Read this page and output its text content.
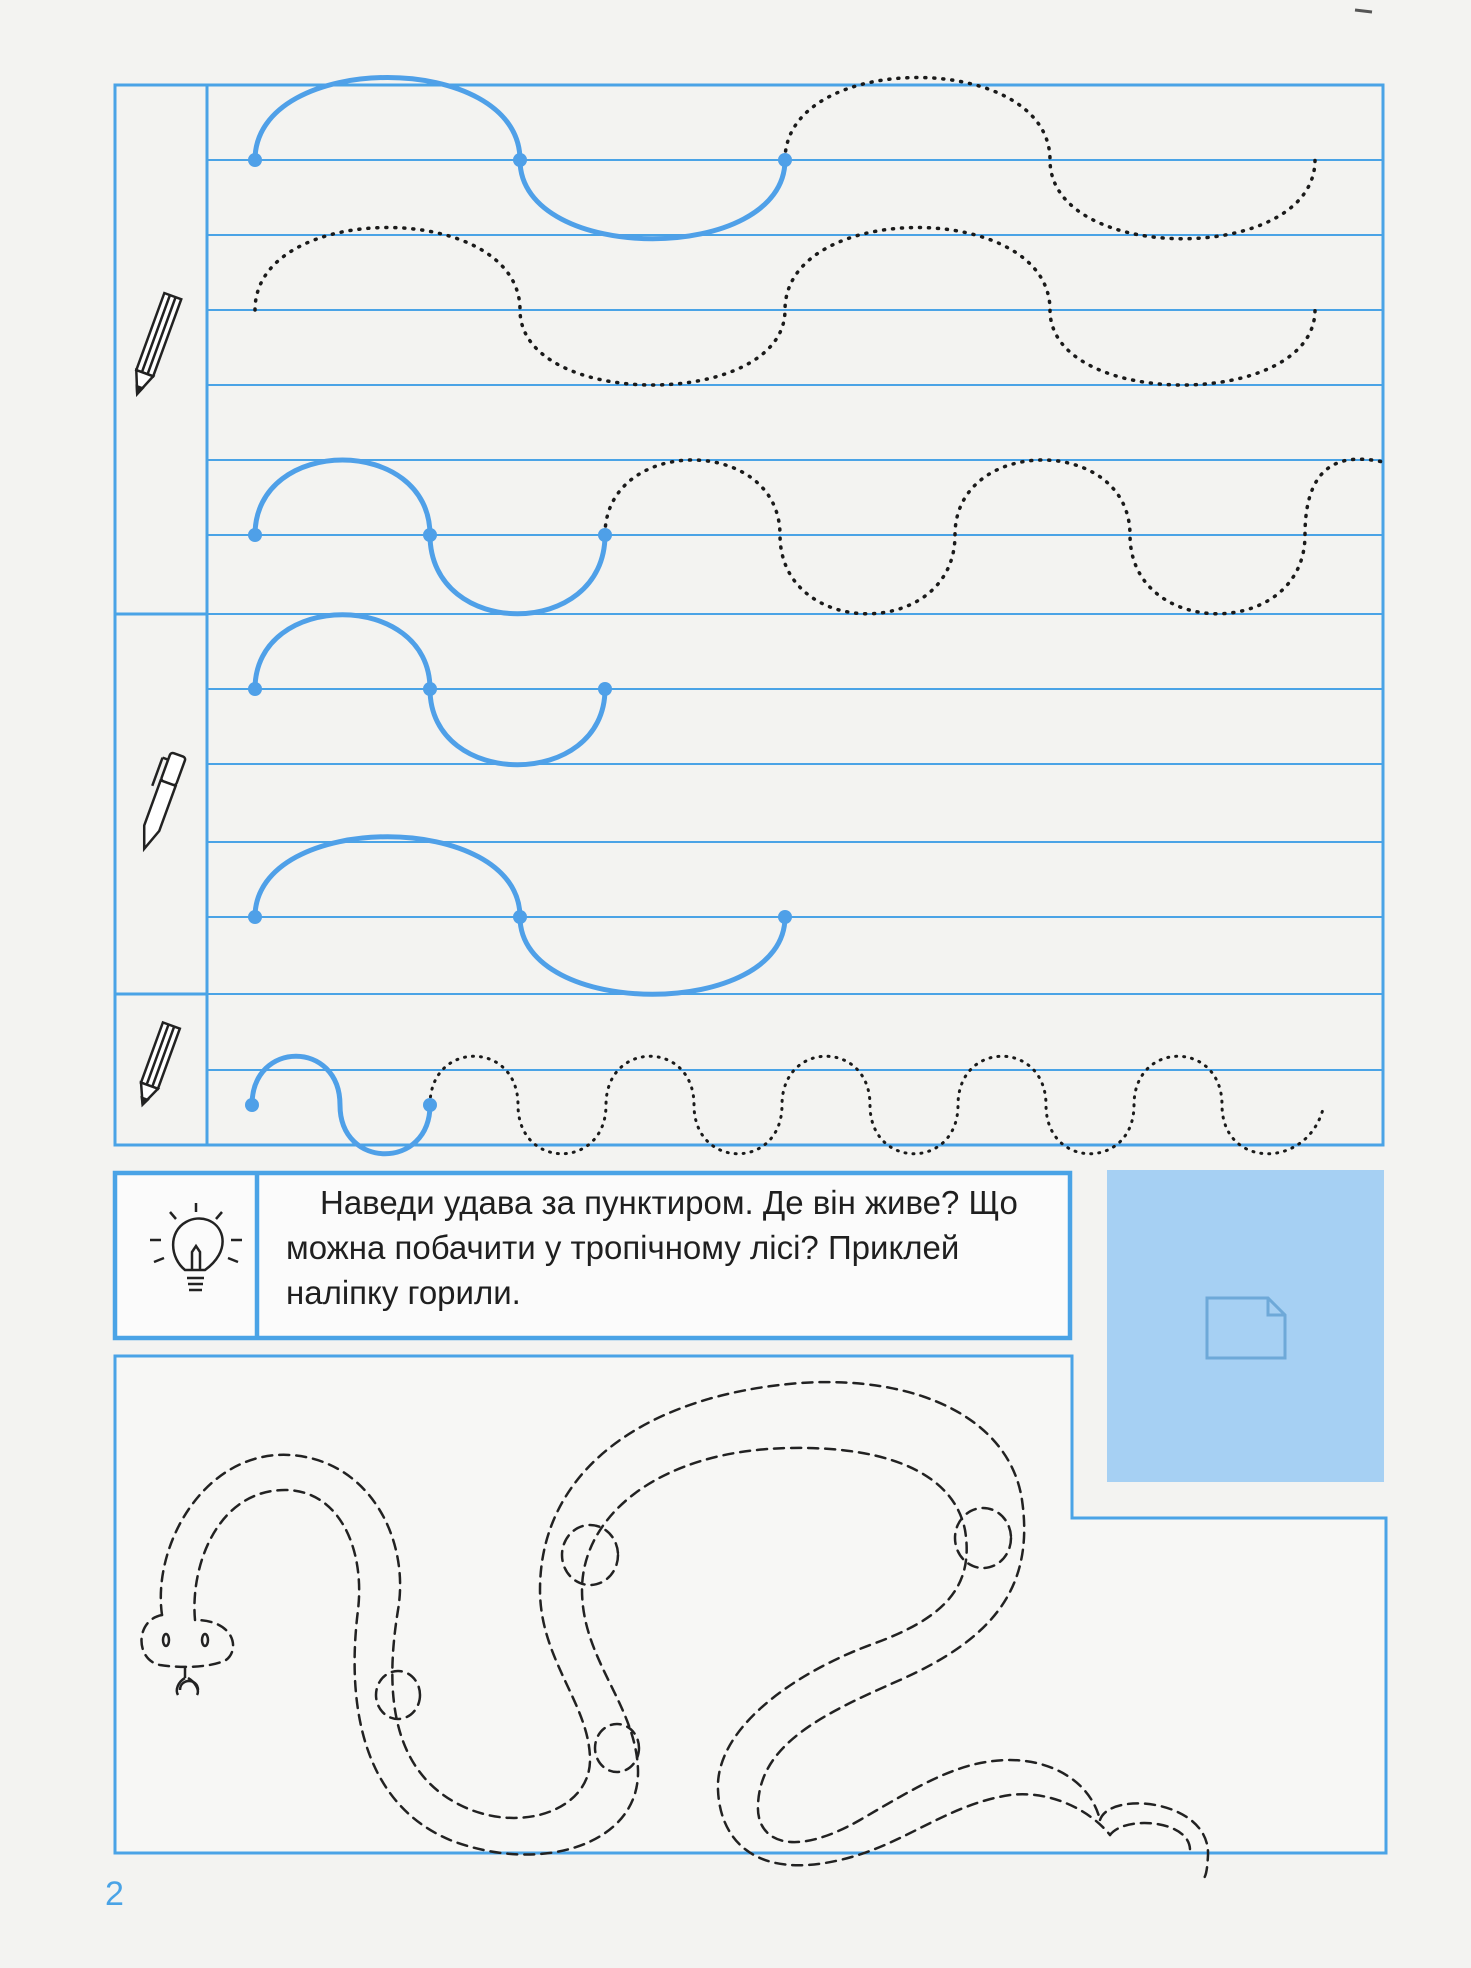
Наведи удава за пунктиром. Де він живе? Що можна побачити у тропічному лісі? Приклей наліпку горили.
2
